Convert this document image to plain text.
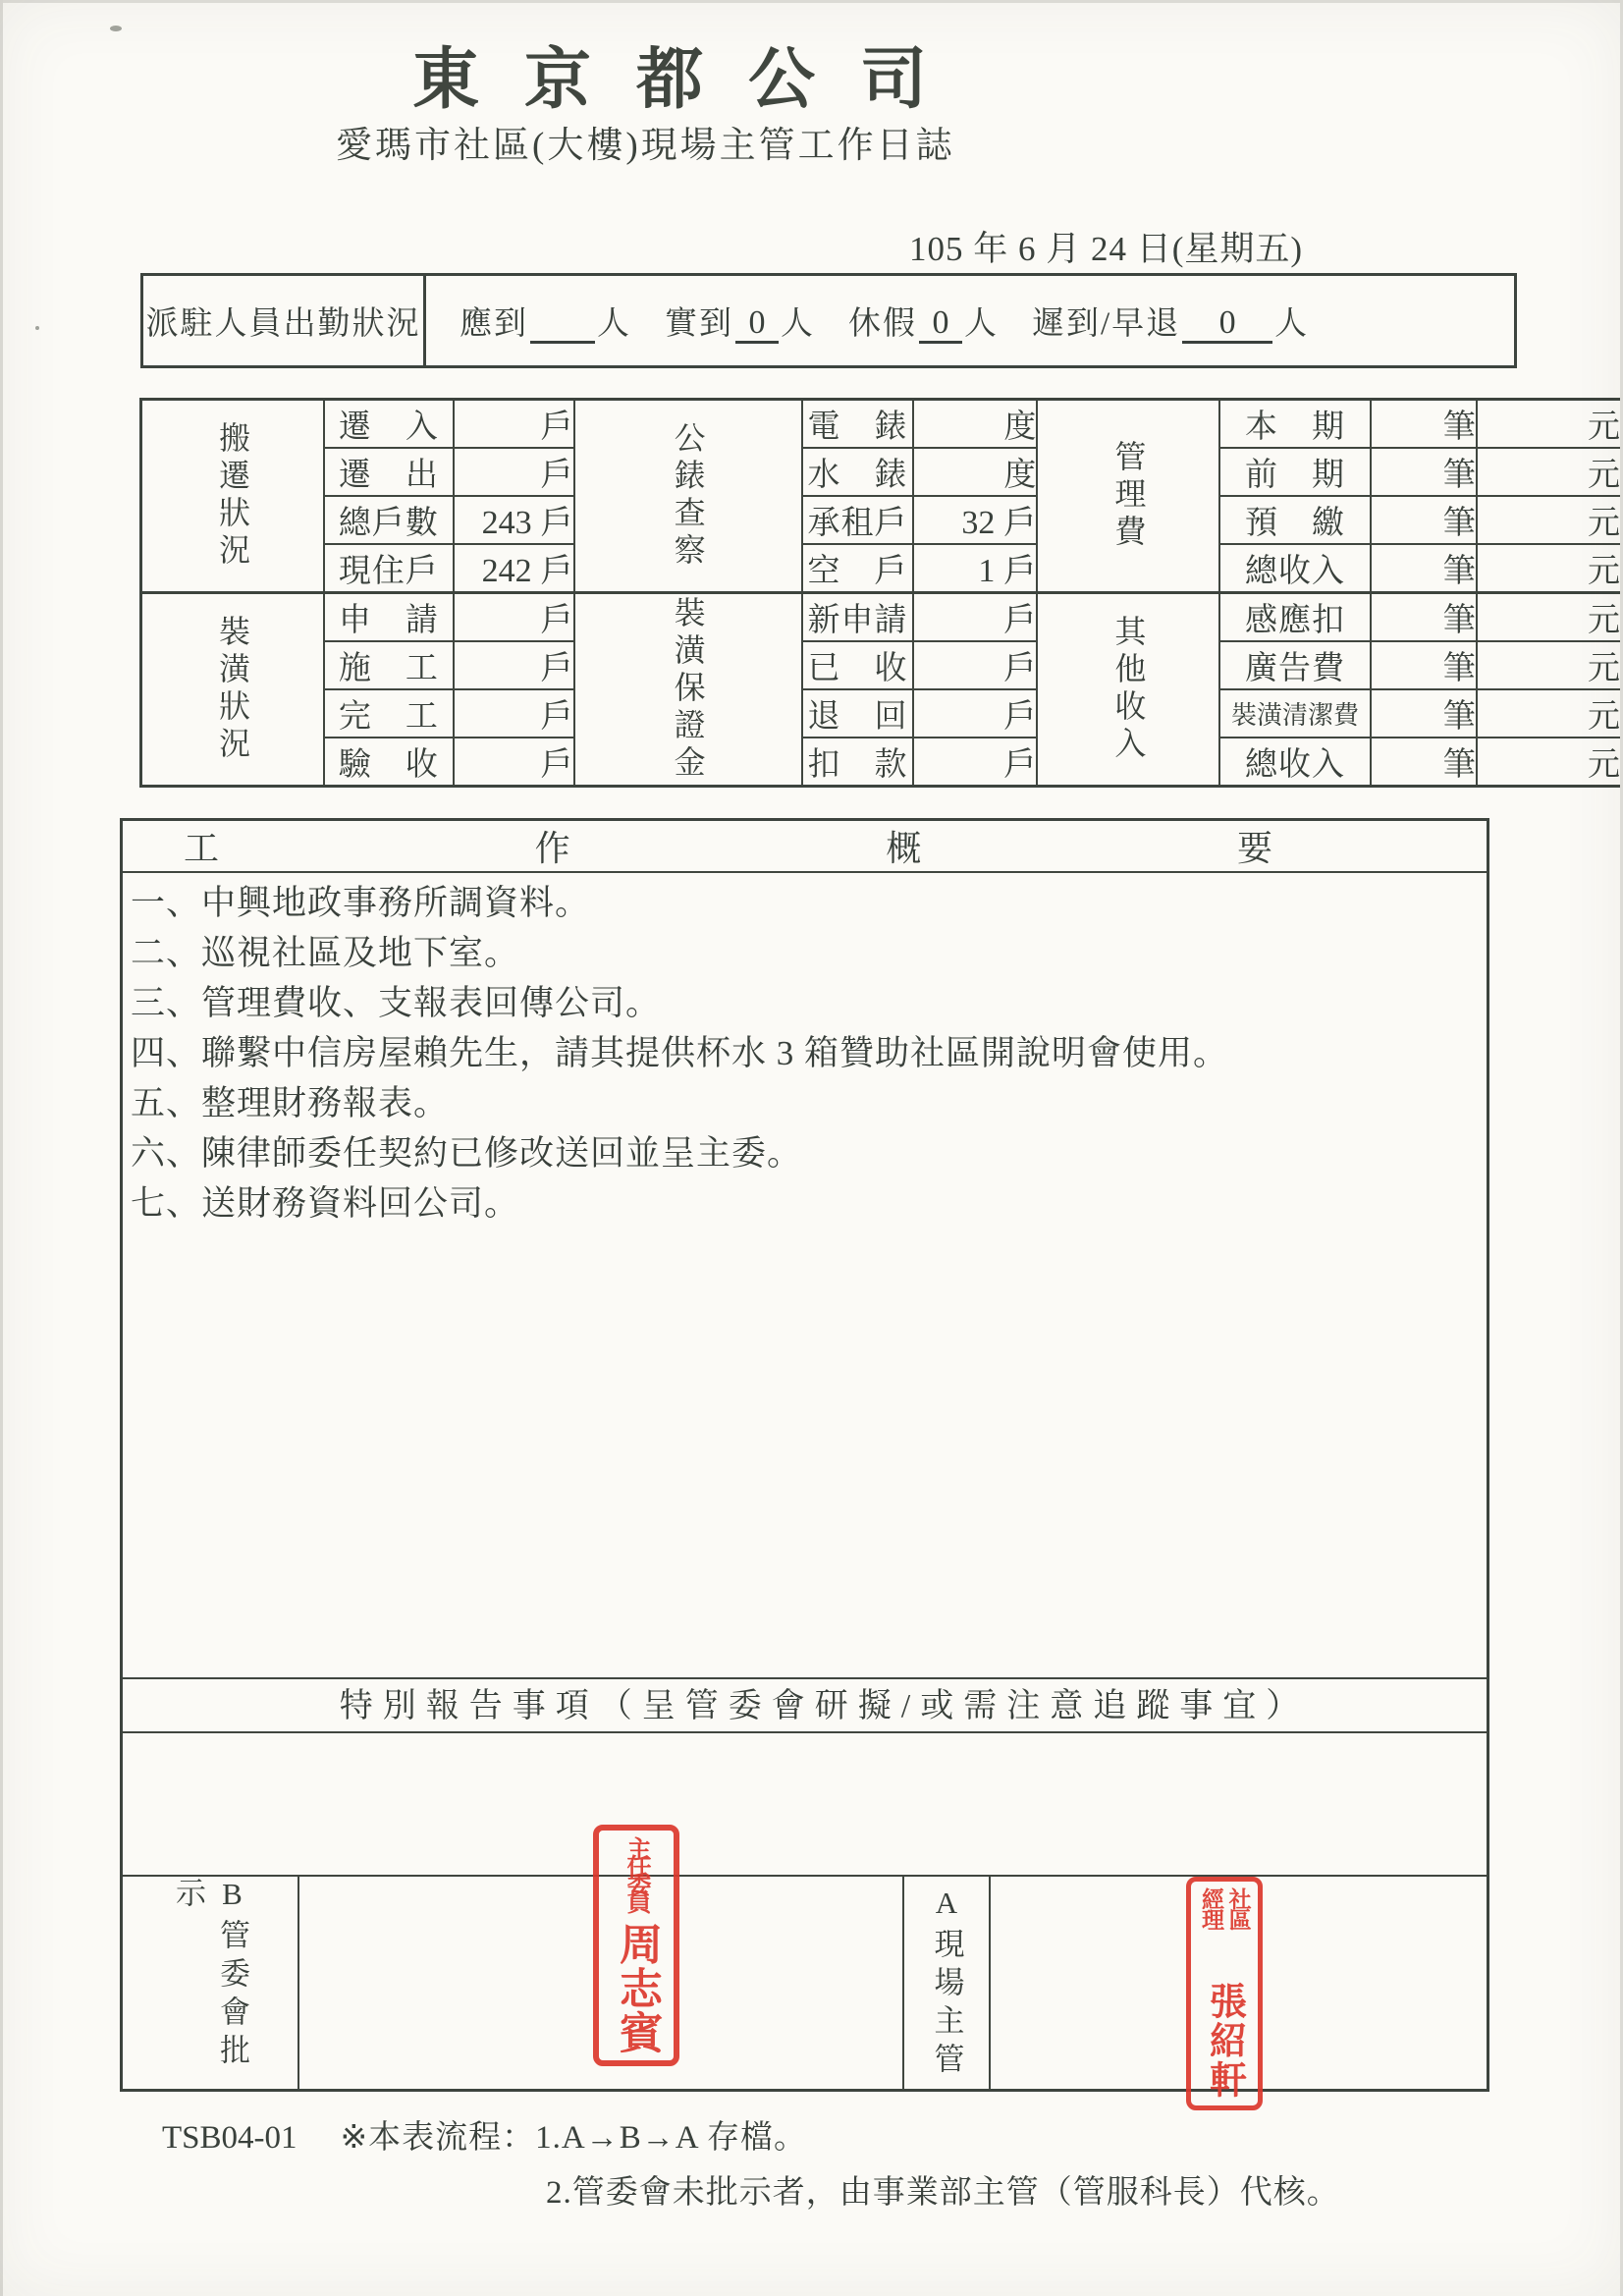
東京都公司
愛瑪市社區(大樓)現場主管工作日誌
105 年 6 月 24 日(星期五)
派駐人員出勤狀況 應到 人 實到 0 人 休假 0 人 遲到/早退	0	人
搬遷狀況	遷　入	戶	公錶查察	電　錶	度	管理費	本　期	筆	元
	遷　出	戶		水　錶	度		前　期	筆	元
	總戶數	243 戶		承租戶	32 戶		預　繳	筆	元
	現住戶	242 戶		空　戶	1 戶		總收入	筆	元
裝潢狀況	申　請	戶	裝潢保證金	新申請	戶	其他收入	感應扣	筆	元
	施　工	戶		已　收	戶		廣告費	筆	元
	完　工	戶		退　回	戶		裝潢清潔費	筆	元
	驗　收	戶		扣　款	戶		總收入	筆	元
工	作	概	要
一、中興地政事務所調資料。
二、巡視社區及地下室。
三、管理費收、支報表回傳公司。
四、聯繫中信房屋賴先生，請其提供杯水 3 箱贊助社區開說明會使用。
五、整理財務報表。
六、陳律師委任契約已修改送回並呈主委。
七、送財務資料回公司。
特別報告事項（呈管委會研擬/或需注意追蹤事宜）
B管委會批示	A現場主管
主任委員
周志賓
社區經理
張紹軒
TSB04-01 ※本表流程：1.A→B→A 存檔。
2.管委會未批示者，由事業部主管（管服科長）代核。
